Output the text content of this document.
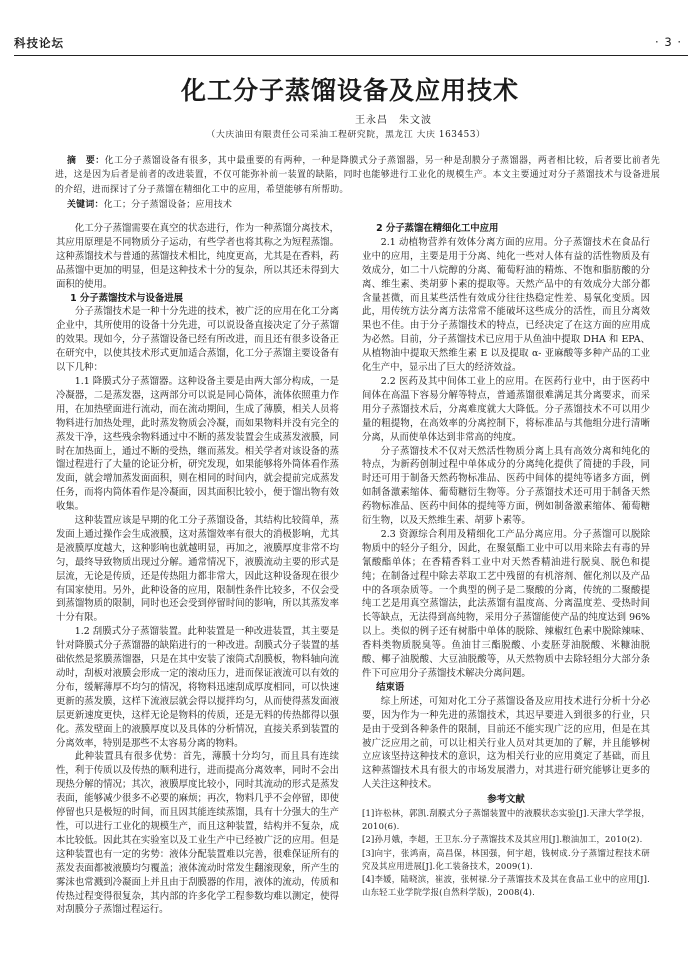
科技论坛	· 3 ·
化工分子蒸馏设备及应用技术
王永昌　朱文波
（大庆油田有限责任公司采油工程研究院，黑龙江 大庆 163453）
摘　要：化工分子蒸馏设备有很多，其中最重要的有两种，一种是降膜式分子蒸馏器，另一种是刮膜分子蒸馏器，两者相比较，后者要比前者先进，这是因为后者是前者的改进装置，不仅可能弥补前一装置的缺陷，同时也能够进行工业化的规模生产。本文主要通过对分子蒸馏技术与设备进展的介绍，进而探讨了分子蒸馏在精细化工中的应用，希望能够有所帮助。
关键词：化工；分子蒸馏设备；应用技术

化工分子蒸馏需要在真空的状态进行，作为一种蒸馏分离技术，其应用原理是不同物质分子运动，有些学者也将其称之为短程蒸馏。这种蒸馏技术与普通的蒸馏技术相比，纯度更高，尤其是在香料，药品蒸馏中更加的明显，但是这种技术十分的复杂，所以其还未得到大面积的使用。

1 分子蒸馏技术与设备进展

分子蒸馏技术是一种十分先进的技术，被广泛的应用在化工分离企业中，其所使用的设备十分先进，可以说设备直接决定了分子蒸馏的效果。现如今，分子蒸馏设备已经有所改进，而且还有很多设备正在研究中，以使其技术形式更加适合蒸馏，化工分子蒸馏主要设备有以下几种：

1.1 降膜式分子蒸馏器。这种设备主要是由两大部分构成，一是冷凝器，二是蒸发器，这两部分可以说是同心筒体，流体依照重力作用，在加热壁面进行流动，而在流动期间，生成了薄膜，相关人员将物料进行加热处理，此时蒸发物质会冷凝，而如果物料并没有完全的蒸发干净，这些残余物料通过中不断的蒸发装置会生成蒸发液膜，同时在加热面上，通过不断的受热，继而蒸发。相关学者对该设备的蒸馏过程进行了大量的论证分析，研究发现，如果能够将外筒体看作蒸发面，就会增加蒸发面面积，则在相同的时间内，就会提前完成蒸发任务，而将内筒体看作是冷凝面，因其面积比较小，便于馏出物有效收集。

这种装置应该是早期的化工分子蒸馏设备，其结构比较简单，蒸发面上通过操作会生成液膜，这对蒸馏效率有很大的消极影响，尤其是液膜厚度越大，这种影响也就越明显，再加之，液膜厚度非常不均匀，最终导致物质出现过分解。通常情况下，液膜流动主要的形式是层流，无论是传质，还是传热阻力都非常大，因此这种设备现在很少有国家使用。另外，此种设备的应用，限制性条件比较多，不仅会受到蒸馏物质的限制，同时也还会受到停留时间的影响，所以其蒸发率十分有限。

1.2 刮膜式分子蒸馏装置。此种装置是一种改进装置，其主要是针对降膜式分子蒸馏器的缺陷进行的一种改进。刮膜式分子装置的基础依然是浆膜蒸馏器，只是在其中安装了滚筒式刮膜板，物料轴向流动时，刮板对液膜会形成一定的滚动压力，进而保证液流可以有效的分布，缓解薄厚不均匀的情况，将物料迅速刮成厚度相同，可以快速更新的蒸发膜，这样下流液层就会得以搅拌均匀，从而使得蒸发面液层更新速度更快，这样无论是物料的传质，还是无料的传热都得以强化。蒸发壁面上的液膜厚度以及具体的分析情况，直接关系到装置的分离效率，特别是那些不太容易分离的物料。

此种装置具有很多优势：首先，薄膜十分均匀，而且具有连续性，利于传质以及传热的顺利进行，进而提高分离效率，同时不会出现热分解的情况；其次，液膜厚度比较小，同时其流动的形式是蒸发表面，能够减少很多不必要的麻烦；再次，物料几乎不会停留，即使停留也只是极短的时间，而且因其能连续蒸馏，具有十分强大的生产性，可以进行工业化的规模生产，而且这种装置，结构并不复杂，成本比较低。因此其在实验室以及工业生产中已经被广泛的应用。但是这种装置也有一定的劣势：液体分配装置难以完善，很难保证所有的蒸发表面都被液膜均匀覆盖；液体流动时常发生翻滚现象，所产生的雾沫也常溅到冷凝面上并且由于刮膜器的作用，液体的流动，传质和传热过程变得很复杂，其内部的许多化学工程参数均难以测定，使得对刮膜分子蒸馏过程运行。

2 分子蒸馏在精细化工中应用

2.1 动植物营养有效体分离方面的应用。分子蒸馏技术在食品行业中的应用，主要是用于分离、纯化一些对人体有益的活性物质及有效成分，如二十八烷醇的分离、葡萄籽油的精炼、不饱和脂肪酸的分离、维生素、类胡萝卜素的提取等。天然产品中的有效成分大部分都含量甚微，而且某些活性有效成分往往热稳定性差、易氧化变质。因此，用传统方法分离方法常常不能破坏这些成分的活性，而且分离效果也不佳。由于分子蒸馏技术的特点，已经决定了在这方面的应用成为必然。目前，分子蒸馏技术已应用于从鱼油中提取 DHA 和 EPA、从植物油中提取天然维生素 E 以及提取 α- 亚麻酸等多种产品的工业化生产中，显示出了巨大的经济效益。

2.2 医药及其中间体工业上的应用。在医药行业中，由于医药中间体在高温下容易分解等特点，普通蒸馏很难满足其分离要求，而采用分子蒸馏技术后，分离难度就大大降低。分子蒸馏技术不可以用少量的粗提物，在高效率的分离控制下，将标准品与其他组分进行清晰分离，从而使单体达到非常高的纯度。

分子蒸馏技术不仅对天然活性物质分离上具有高效分离和纯化的特点，为新药创制过程中单体成分的分离纯化提供了简捷的手段，同时还可用于制备天然药物标准品、医药中间体的提纯等诸多方面，例如制备激素缩体、葡萄糖衍生物等。分子蒸馏技术还可用于制备天然药物标准品、医药中间体的提纯等方面，例如制备激素缩体、葡萄糖衍生物，以及天然维生素、胡萝卜素等。

2.3 资源综合利用及精细化工产品分离应用。分子蒸馏可以脱除物质中的轻分子组分，因此，在聚氨酯工业中可以用来除去有毒的异氰酸酯单体；在香精香料工业中对天然香精油进行脱臭、脱色和提纯；在制备过程中除去萃取工艺中残留的有机溶剂、催化剂以及产品中的各项杂质等。一个典型的例子是二聚酸的分离，传统的二聚酸提纯工艺是用真空蒸馏法，此法蒸馏有温度高、分离温度差、受热时间长等缺点，无法得到高纯物，采用分子蒸馏能使产品的纯度达到 96% 以上。类似的例子还有树脂中单体的脱除、辣椒红色素中脱除辣味、香料类物质脱臭等。鱼油甘三酯脱酸、小麦胚芽油脱酸、米糠油脱酸、椰子油脱酸、大豆油脱酸等，从天然物质中去除轻组分大部分条件下可应用分子蒸馏技术解决分离问题。

结束语

综上所述，可知对化工分子蒸馏设备及应用技术进行分析十分必要，因为作为一种先进的蒸馏技术，其迟早要进入到很多的行业，只是由于受到各种条件的限制，目前还不能实现广泛的应用，但是在其被广泛应用之前，可以让相关行业人员对其更加的了解，并且能够树立应该坚持这种技术的意识，这为相关行业的应用奠定了基础，而且这种蒸馏技术具有很大的市场发展潜力，对其进行研究能够让更多的人关注这种技术。

参考文献
[1]许松林，郭凯.刮膜式分子蒸馏装置中的液膜状态实验[J].天津大学学报，2010(6).
[2]孙月娥，李超，王卫东.分子蒸馏技术及其应用[J].粮油加工，2010(2).
[3]向宇，张鸿南，高昌保，林国强，何宇超，钱树成.分子蒸馏过程技术研究及其应用进展[J].化工装备技术，2009(1).
[4]李媛，陆晓滨，崔波，张树禄.分子蒸馏技术及其在食品工业中的应用[J].山东轻工业学院学报(自然科学版)，2008(4).
